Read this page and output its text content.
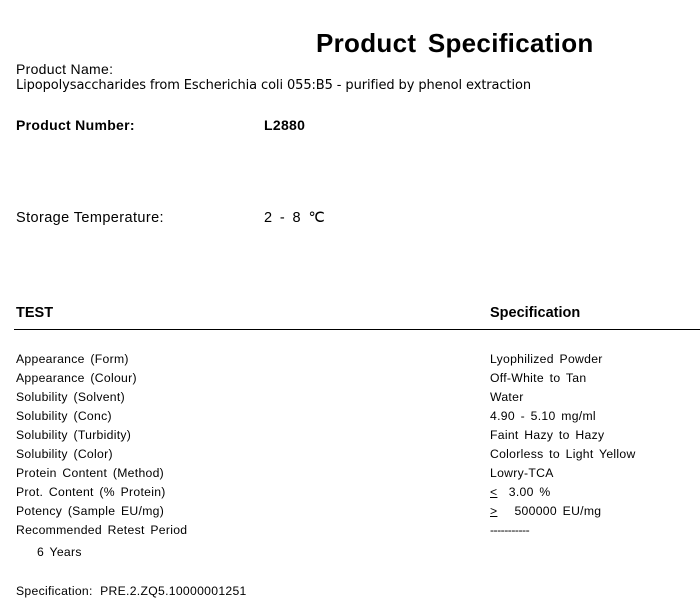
Product Specification
Product Name:
Lipopolysaccharides from Escherichia coli 055:B5 - purified by phenol extraction
Product Number:	L2880
Storage Temperature:	2 - 8 ℃
TEST	Specification
Appearance (Form)	Lyophilized Powder
Appearance (Colour)	Off-White to Tan
Solubility (Solvent)	Water
Solubility (Conc)	4.90 - 5.10 mg/ml
Solubility (Turbidity)	Faint Hazy to Hazy
Solubility (Color)	Colorless to Light Yellow
Protein Content (Method)	Lowry-TCA
Prot. Content (% Protein)	≤ 3.00 %
Potency (Sample EU/mg)	≥ 500000 EU/mg
Recommended Retest Period	-----------
6 Years
Specification: PRE.2.ZQ5.10000001251
